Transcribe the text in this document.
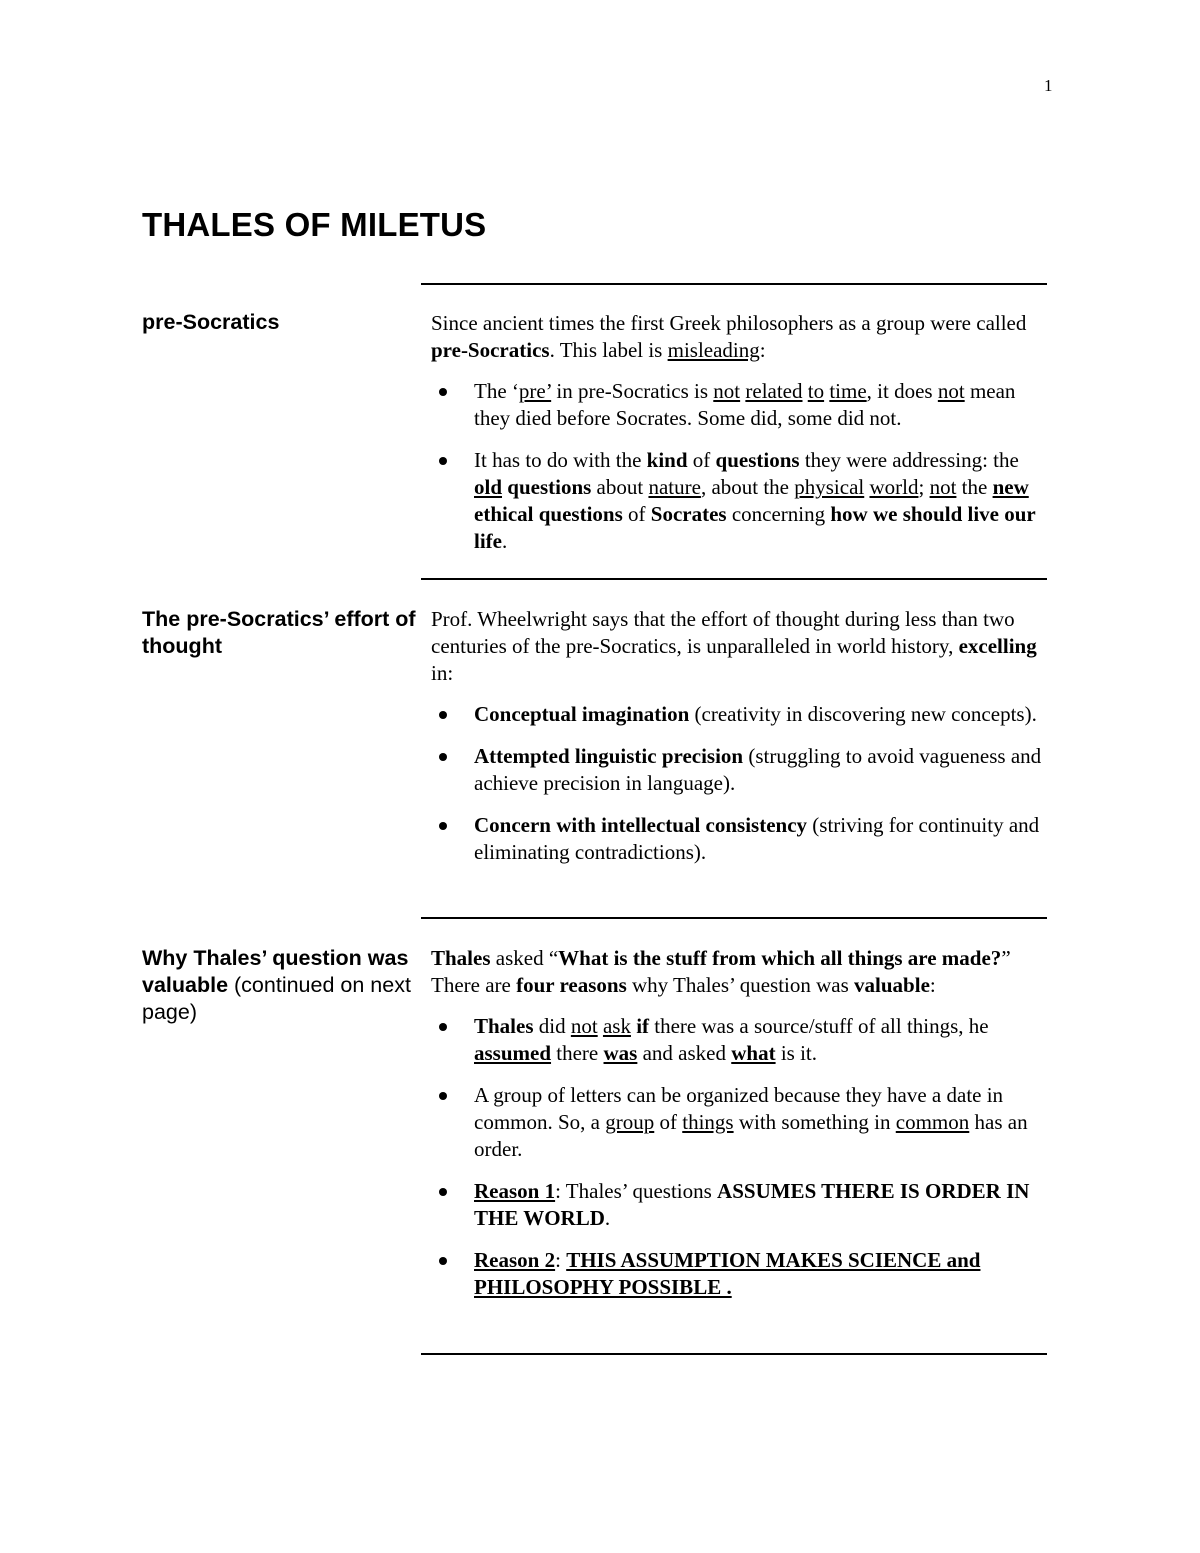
1
THALES OF MILETUS
pre-Socratics	Since ancient times the first Greek philosophers as a group were called pre-Socratics. This label is misleading:

The ‘pre’ in pre-Socratics is not related to time, it does not mean they died before Socrates. Some did, some did not.
It has to do with the kind of questions they were addressing: the old questions about nature, about the physical world; not the new ethical questions of Socrates concerning how we should live our life.
The pre-Socratics’ effort of thought

Prof. Wheelwright says that the effort of thought during less than two centuries of the pre-Socratics, is unparalleled in world history, excelling in:

Conceptual imagination (creativity in discovering new concepts).
Attempted linguistic precision (struggling to avoid vagueness and achieve precision in language).
Concern with intellectual consistency (striving for continuity and eliminating contradictions).
Why Thales’ question was valuable (continued on next page)

Thales asked “What is the stuff from which all things are made?” There are four reasons why Thales’ question was valuable:

Thales did not ask if there was a source/stuff of all things, he assumed there was and asked what is it.
A group of letters can be organized because they have a date in common. So, a group of things with something in common has an order.
Reason 1: Thales’ questions ASSUMES THERE IS ORDER IN THE WORLD.
Reason 2: THIS ASSUMPTION MAKES SCIENCE and PHILOSOPHY POSSIBLE .
